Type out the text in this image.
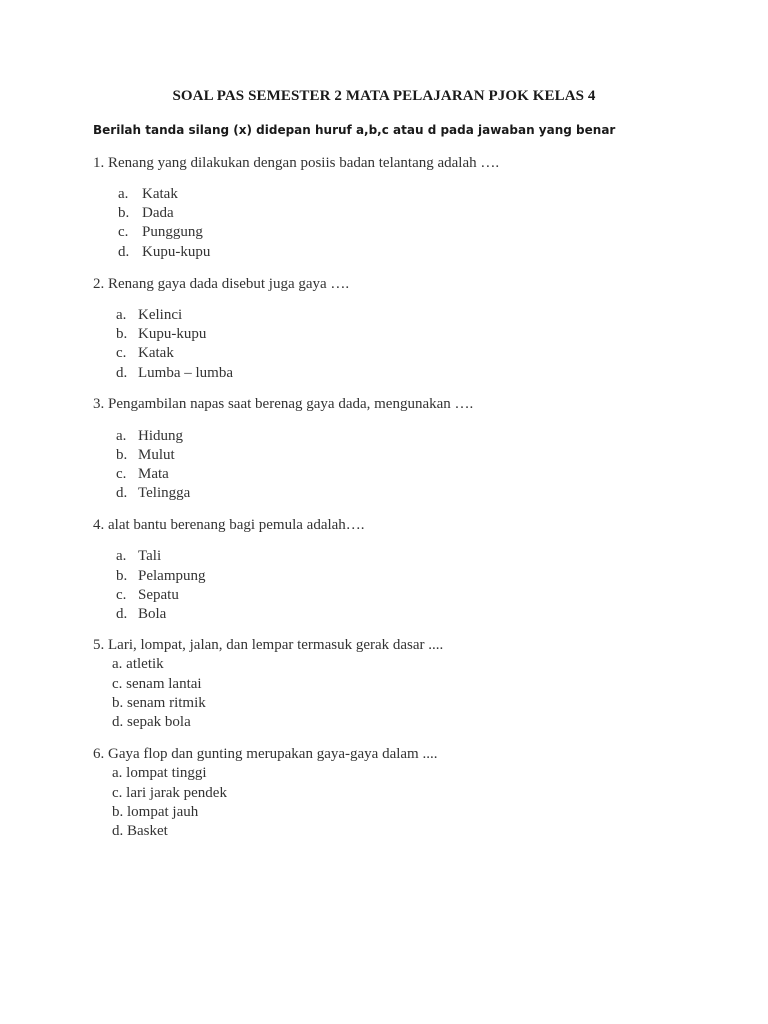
SOAL PAS SEMESTER 2 MATA PELAJARAN PJOK KELAS 4
Berilah tanda silang (x) didepan huruf a,b,c atau d pada jawaban yang benar
1. Renang yang dilakukan dengan posiis badan telantang adalah ….
a. Katak
b. Dada
c. Punggung
d. Kupu-kupu
2. Renang gaya dada disebut juga gaya ….
a. Kelinci
b. Kupu-kupu
c. Katak
d. Lumba – lumba
3. Pengambilan napas saat berenag gaya dada, mengunakan ….
a. Hidung
b. Mulut
c. Mata
d. Telingga
4. alat bantu berenang bagi pemula adalah….
a. Tali
b. Pelampung
c. Sepatu
d. Bola
5. Lari, lompat, jalan, dan lempar termasuk gerak dasar ....
a. atletik
c. senam lantai
b. senam ritmik
d. sepak bola
6. Gaya flop dan gunting merupakan gaya-gaya dalam ....
a. lompat tinggi
c. lari jarak pendek
b. lompat jauh
d. Basket
